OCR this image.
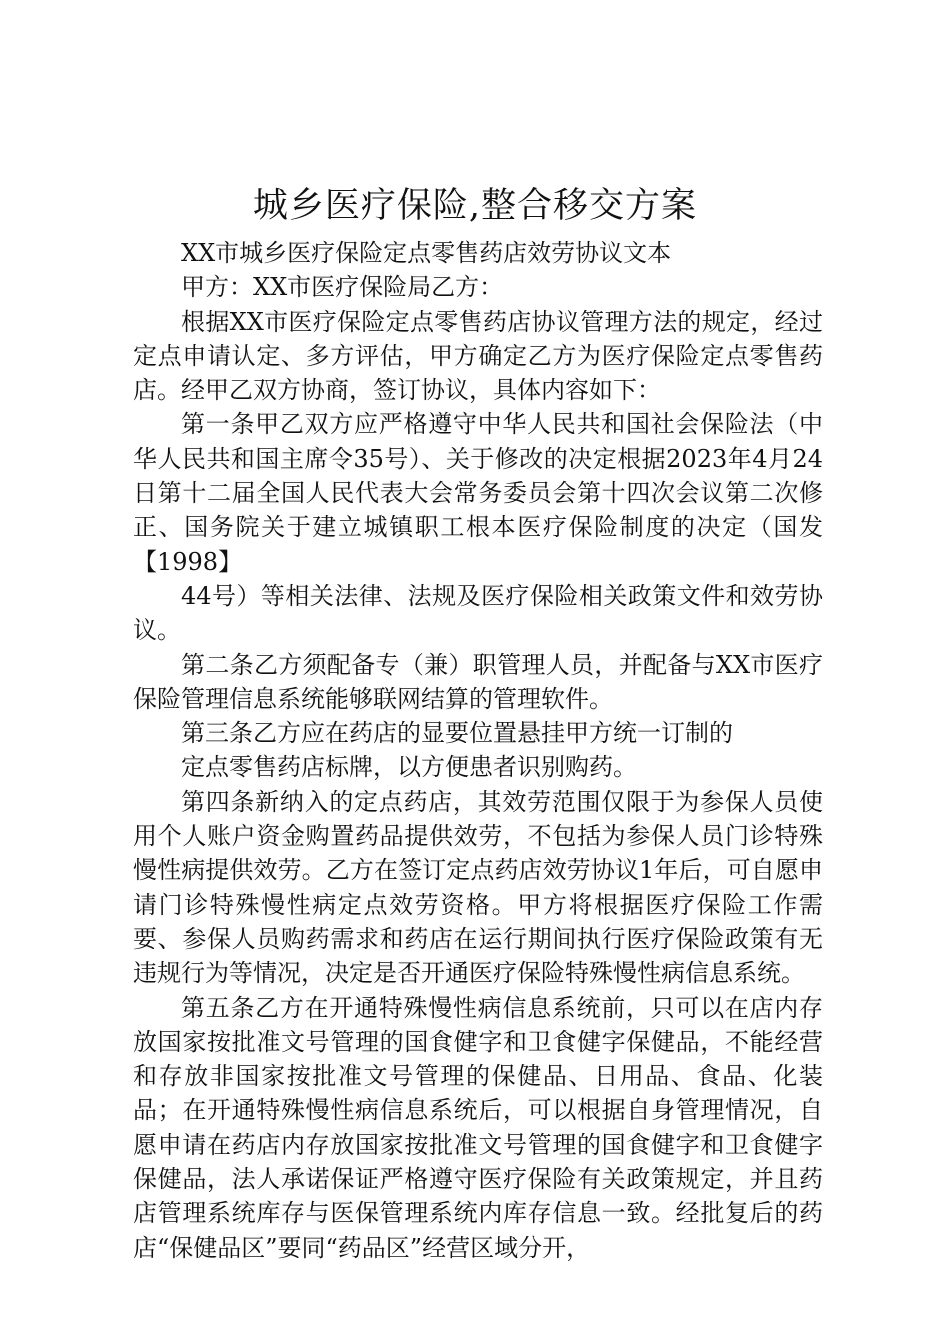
城乡医疗保险,整合移交方案

XX市城乡医疗保险定点零售药店效劳协议文本

甲方：XX市医疗保险局乙方：

根据XX市医疗保险定点零售药店协议管理方法的规定，经过定点申请认定、多方评估，甲方确定乙方为医疗保险定点零售药店。经甲乙双方协商，签订协议，具体内容如下：

第一条甲乙双方应严格遵守中华人民共和国社会保险法（中华人民共和国主席令35号）、关于修改的决定根据2023年4月24日第十二届全国人民代表大会常务委员会第十四次会议第二次修正、国务院关于建立城镇职工根本医疗保险制度的决定（国发【1998】

44号）等相关法律、法规及医疗保险相关政策文件和效劳协议。

第二条乙方须配备专（兼）职管理人员，并配备与XX市医疗保险管理信息系统能够联网结算的管理软件。

第三条乙方应在药店的显要位置悬挂甲方统一订制的

定点零售药店标牌，以方便患者识别购药。

第四条新纳入的定点药店，其效劳范围仅限于为参保人员使用个人账户资金购置药品提供效劳，不包括为参保人员门诊特殊慢性病提供效劳。乙方在签订定点药店效劳协议1年后，可自愿申请门诊特殊慢性病定点效劳资格。甲方将根据医疗保险工作需要、参保人员购药需求和药店在运行期间执行医疗保险政策有无违规行为等情况，决定是否开通医疗保险特殊慢性病信息系统。

第五条乙方在开通特殊慢性病信息系统前，只可以在店内存放国家按批准文号管理的国食健字和卫食健字保健品，不能经营和存放非国家按批准文号管理的保健品、日用品、食品、化装品；在开通特殊慢性病信息系统后，可以根据自身管理情况，自愿申请在药店内存放国家按批准文号管理的国食健字和卫食健字保健品，法人承诺保证严格遵守医疗保险有关政策规定，并且药店管理系统库存与医保管理系统内库存信息一致。经批复后的药店“保健品区”要同“药品区”经营区域分开，
